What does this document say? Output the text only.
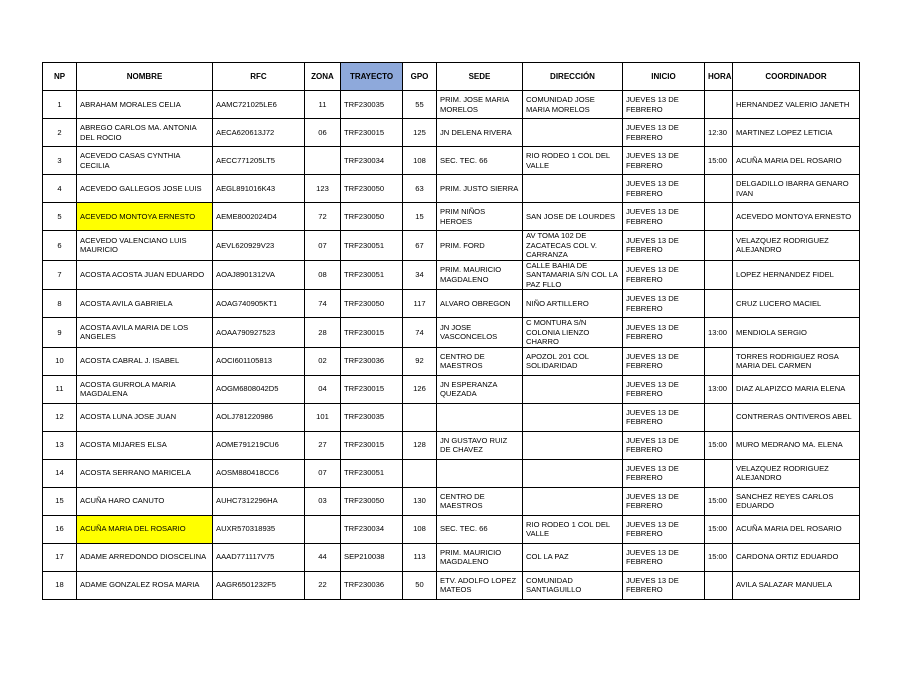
NP	NOMBRE	RFC	ZONA	TRAYECTO	GPO	SEDE	DIRECCIÓN	INICIO	HORA	COORDINADOR
1	ABRAHAM MORALES CELIA	AAMC721025LE6	11	TRF230035	55	PRIM. JOSE MARIA MORELOS	COMUNIDAD JOSE MARIA MORELOS	JUEVES 13 DE FEBRERO		HERNANDEZ VALERIO JANETH
2	ABREGO CARLOS MA. ANTONIA DEL ROCIO	AECA620613J72	06	TRF230015	125	JN DELENA RIVERA		JUEVES 13 DE FEBRERO	12:30	MARTINEZ LOPEZ LETICIA
3	ACEVEDO CASAS CYNTHIA CECILIA	AECC771205LT5		TRF230034	108	SEC. TEC. 66	RIO RODEO 1 COL DEL VALLE	JUEVES 13 DE FEBRERO	15:00	ACUÑA MARIA DEL ROSARIO
4	ACEVEDO GALLEGOS JOSE LUIS	AEGL891016K43	123	TRF230050	63	PRIM. JUSTO SIERRA		JUEVES 13 DE FEBRERO		DELGADILLO IBARRA GENARO IVAN
5	ACEVEDO MONTOYA ERNESTO	AEME8002024D4	72	TRF230050	15	PRIM NIÑOS HEROES	SAN JOSE DE LOURDES	JUEVES 13 DE FEBRERO		ACEVEDO MONTOYA ERNESTO
6	ACEVEDO VALENCIANO LUIS MAURICIO	AEVL620929V23	07	TRF230051	67	PRIM. FORD	AV TOMA 102 DE ZACATECAS COL V. CARRANZA	JUEVES 13 DE FEBRERO		VELAZQUEZ RODRIGUEZ ALEJANDRO
7	ACOSTA ACOSTA JUAN EDUARDO	AOAJ8901312VA	08	TRF230051	34	PRIM. MAURICIO MAGDALENO	CALLE BAHIA DE SANTAMARIA S/N COL LA PAZ FLLO	JUEVES 13 DE FEBRERO		LOPEZ HERNANDEZ FIDEL
8	ACOSTA AVILA GABRIELA	AOAG740905KT1	74	TRF230050	117	ALVARO OBREGON	NIÑO ARTILLERO	JUEVES 13 DE FEBRERO		CRUZ LUCERO MACIEL
9	ACOSTA AVILA MARIA DE LOS ANGELES	AOAA790927523	28	TRF230015	74	JN JOSE VASCONCELOS	C MONTURA S/N COLONIA LIENZO CHARRO	JUEVES 13 DE FEBRERO	13:00	MENDIOLA SERGIO
10	ACOSTA CABRAL J. ISABEL	AOCI601105813	02	TRF230036	92	CENTRO DE MAESTROS	APOZOL 201 COL SOLIDARIDAD	JUEVES 13 DE FEBRERO		TORRES RODRIGUEZ ROSA MARIA DEL CARMEN
11	ACOSTA GURROLA MARIA MAGDALENA	AOGM6808042D5	04	TRF230015	126	JN ESPERANZA QUEZADA		JUEVES 13 DE FEBRERO	13:00	DIAZ ALAPIZCO MARIA ELENA
12	ACOSTA LUNA JOSE JUAN	AOLJ781220986	101	TRF230035				JUEVES 13 DE FEBRERO		CONTRERAS ONTIVEROS ABEL
13	ACOSTA MIJARES ELSA	AOME791219CU6	27	TRF230015	128	JN GUSTAVO RUIZ DE CHAVEZ		JUEVES 13 DE FEBRERO	15:00	MURO MEDRANO MA. ELENA
14	ACOSTA SERRANO MARICELA	AOSM880418CC6	07	TRF230051				JUEVES 13 DE FEBRERO		VELAZQUEZ RODRIGUEZ ALEJANDRO
15	ACUÑA HARO CANUTO	AUHC7312296HA	03	TRF230050	130	CENTRO DE MAESTROS		JUEVES 13 DE FEBRERO	15:00	SANCHEZ REYES CARLOS EDUARDO
16	ACUÑA MARIA DEL ROSARIO	AUXR570318935		TRF230034	108	SEC. TEC. 66	RIO RODEO 1 COL DEL VALLE	JUEVES 13 DE FEBRERO	15:00	ACUÑA MARIA DEL ROSARIO
17	ADAME ARREDONDO DIOSCELINA	AAAD771117V75	44	SEP210038	113	PRIM. MAURICIO MAGDALENO	COL LA PAZ	JUEVES 13 DE FEBRERO	15:00	CARDONA ORTIZ EDUARDO
18	ADAME GONZALEZ ROSA MARIA	AAGR6501232F5	22	TRF230036	50	ETV. ADOLFO LOPEZ MATEOS	COMUNIDAD SANTIAGUILLO	JUEVES 13 DE FEBRERO		AVILA SALAZAR MANUELA
